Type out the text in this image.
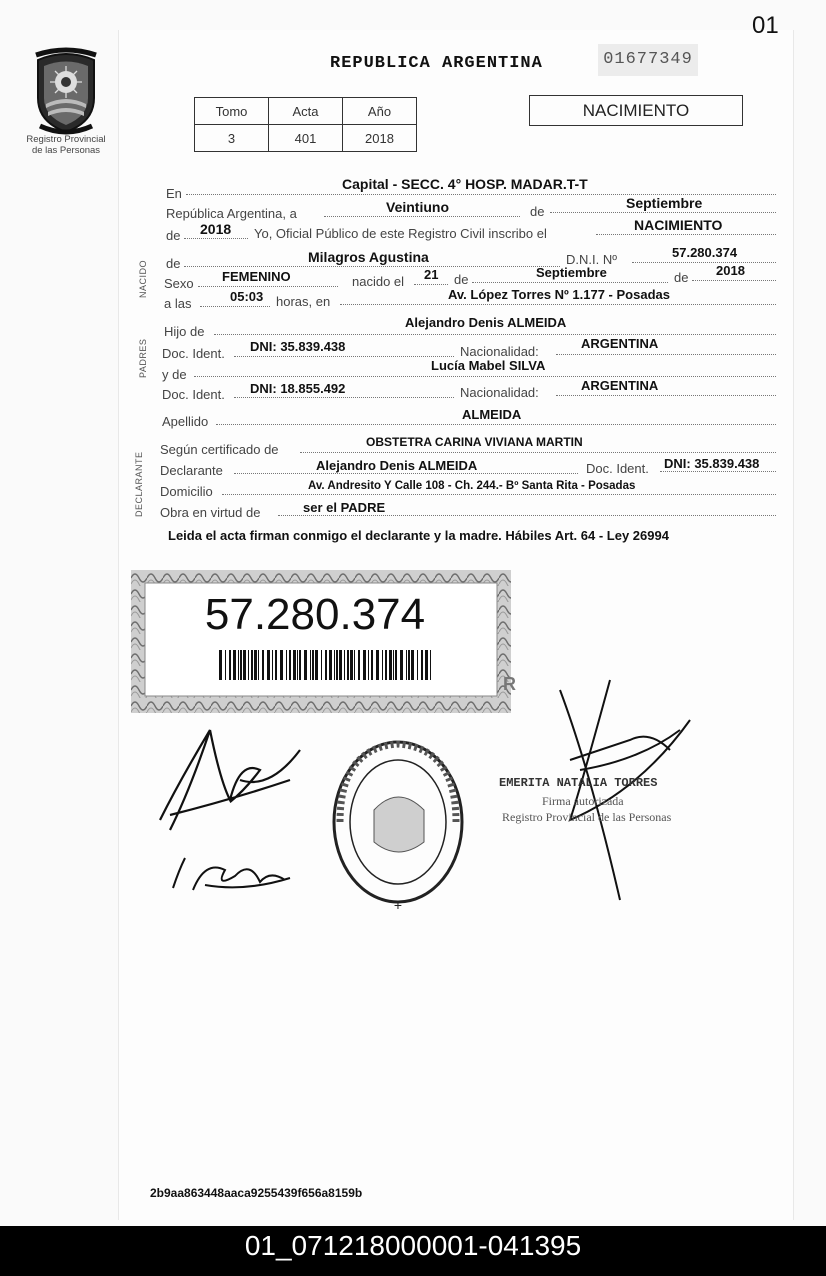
01
Registro Provincial
de las Personas
REPUBLICA ARGENTINA	01677349
Tomo	Acta	Año
3	401	2018
NACIMIENTO
NACIDO
PADRES
DECLARANTE
En
Capital - SECC. 4° HOSP. MADAR.T-T
República Argentina, a	Veintiuno	de
Septiembre
de 2018 Yo, Oficial Público de este Registro Civil inscribo el
NACIMIENTO
de	Milagros Agustina	D.N.I. Nº	57.280.374
Sexo FEMENINO	nacido el 21 de	Septiembre	de 2018
a las	05:03 horas, en	Av. López Torres Nº 1.177 - Posadas
Hijo de
Alejandro Denis ALMEIDA
Doc. Ident. DNI: 35.839.438	Nacionalidad:
ARGENTINA
y de
Lucía Mabel SILVA
Doc. Ident. DNI: 18.855.492	Nacionalidad:	ARGENTINA
Apellido	ALMEIDA
Según certificado de	OBSTETRA CARINA VIVIANA MARTIN
Declarante	Alejandro Denis ALMEIDA	Doc. Ident. DNI: 35.839.438
Domicilio	Av. Andresito Y Calle 108 - Ch. 244.- Bº Santa Rita - Posadas
Obra en virtud de	ser el PADRE
Leida el acta firman conmigo el declarante y la madre. Hábiles Art. 64 - Ley 26994
R
57.280.374
+
EMERITA NATALIA TORRES
Firma autorizada
Registro Provincial de las Personas
2b9aa863448aaca9255439f656a8159b
01_071218000001-041395
